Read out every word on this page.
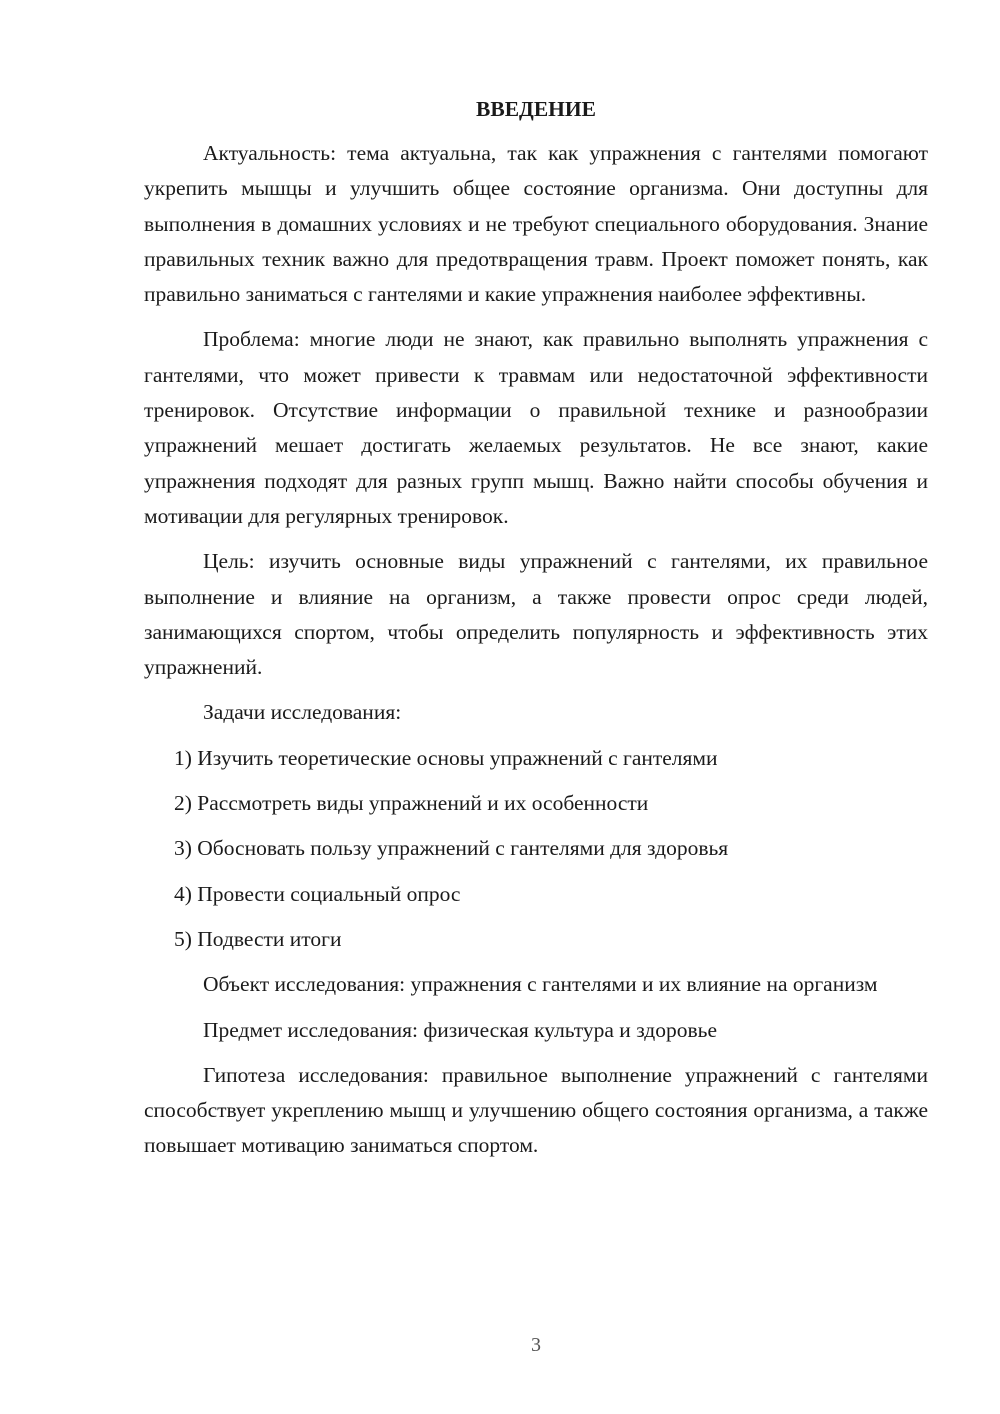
ВВЕДЕНИЕ

Актуальность: тема актуальна, так как упражнения с гантелями помогают укрепить мышцы и улучшить общее состояние организма. Они доступны для выполнения в домашних условиях и не требуют специального оборудования. Знание правильных техник важно для предотвращения травм. Проект поможет понять, как правильно заниматься с гантелями и какие упражнения наиболее эффективны.

Проблема: многие люди не знают, как правильно выполнять упражнения с гантелями, что может привести к травмам или недостаточной эффективности тренировок. Отсутствие информации о правильной технике и разнообразии упражнений мешает достигать желаемых результатов. Не все знают, какие упражнения подходят для разных групп мышц. Важно найти способы обучения и мотивации для регулярных тренировок.

Цель: изучить основные виды упражнений с гантелями, их правильное выполнение и влияние на организм, а также провести опрос среди людей, занимающихся спортом, чтобы определить популярность и эффективность этих упражнений.

Задачи исследования:

1) Изучить теоретические основы упражнений с гантелями
2) Рассмотреть виды упражнений и их особенности
3) Обосновать пользу упражнений с гантелями для здоровья
4) Провести социальный опрос
5) Подвести итоги

Объект исследования: упражнения с гантелями и их влияние на организм

Предмет исследования: физическая культура и здоровье

Гипотеза исследования: правильное выполнение упражнений с гантелями способствует укреплению мышц и улучшению общего состояния организма, а также повышает мотивацию заниматься спортом.

3
